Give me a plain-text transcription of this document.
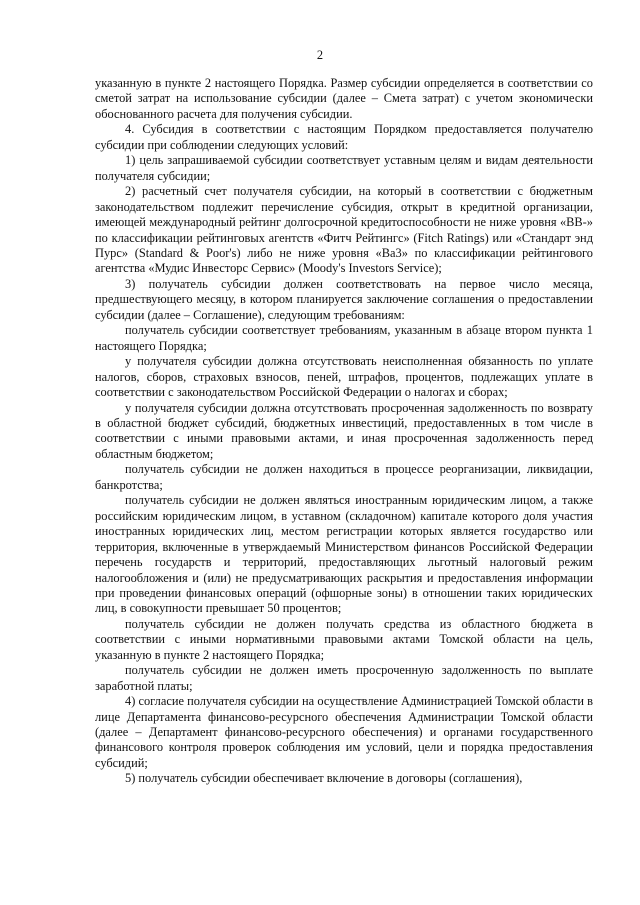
2

указанную в пункте 2 настоящего Порядка. Размер субсидии определяется в соответствии со сметой затрат на использование субсидии (далее – Смета затрат) с учетом экономически обоснованного расчета для получения субсидии.

4. Субсидия в соответствии с настоящим Порядком предоставляется получателю субсидии при соблюдении следующих условий:

1) цель запрашиваемой субсидии соответствует уставным целям и видам деятельности получателя субсидии;

2) расчетный счет получателя субсидии, на который в соответствии с бюджетным законодательством подлежит перечисление субсидия, открыт в кредитной организации, имеющей международный рейтинг долгосрочной кредитоспособности не ниже уровня «BB-» по классификации рейтинговых агентств «Фитч Рейтингс» (Fitch Ratings) или «Стандарт энд Пурс» (Standard & Poor's) либо не ниже уровня «Ba3» по классификации рейтингового агентства «Мудис Инвесторс Сервис» (Moody's Investors Service);

3) получатель субсидии должен соответствовать на первое число месяца, предшествующего месяцу, в котором планируется заключение соглашения о предоставлении субсидии (далее – Соглашение), следующим требованиям:

получатель субсидии соответствует требованиям, указанным в абзаце втором пункта 1 настоящего Порядка;

у получателя субсидии должна отсутствовать неисполненная обязанность по уплате налогов, сборов, страховых взносов, пеней, штрафов, процентов, подлежащих уплате в соответствии с законодательством Российской Федерации о налогах и сборах;

у получателя субсидии должна отсутствовать просроченная задолженность по возврату в областной бюджет субсидий, бюджетных инвестиций, предоставленных в том числе в соответствии с иными правовыми актами, и иная просроченная задолженность перед областным бюджетом;

получатель субсидии не должен находиться в процессе реорганизации, ликвидации, банкротства;

получатель субсидии не должен являться иностранным юридическим лицом, а также российским юридическим лицом, в уставном (складочном) капитале которого доля участия иностранных юридических лиц, местом регистрации которых является государство или территория, включенные в утверждаемый Министерством финансов Российской Федерации перечень государств и территорий, предоставляющих льготный налоговый режим налогообложения и (или) не предусматривающих раскрытия и предоставления информации при проведении финансовых операций (офшорные зоны) в отношении таких юридических лиц, в совокупности превышает 50 процентов;

получатель субсидии не должен получать средства из областного бюджета в соответствии с иными нормативными правовыми актами Томской области на цель, указанную в пункте 2 настоящего Порядка;

получатель субсидии не должен иметь просроченную задолженность по выплате заработной платы;

4) согласие получателя субсидии на осуществление Администрацией Томской области в лице Департамента финансово-ресурсного обеспечения Администрации Томской области (далее – Департамент финансово-ресурсного обеспечения) и органами государственного финансового контроля проверок соблюдения им условий, цели и порядка предоставления субсидий;

5) получатель субсидии обеспечивает включение в договоры (соглашения),
